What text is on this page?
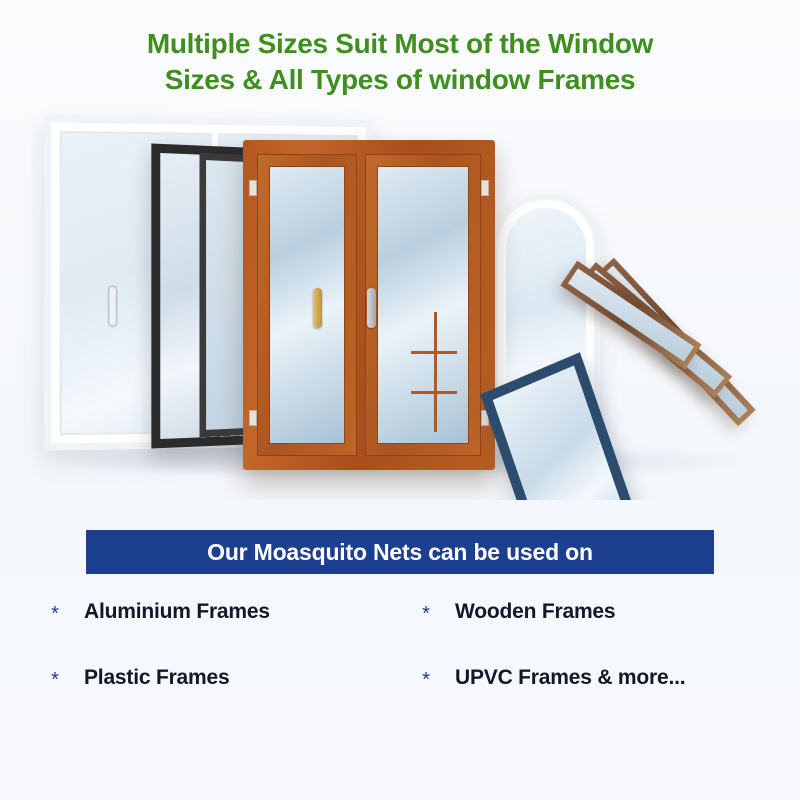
Multiple Sizes Suit Most of the Window
Sizes & All Types of window Frames
Our Moasquito Nets can be used on
* Aluminium Frames	* Wooden Frames
* Plastic Frames	* UPVC Frames & more...
